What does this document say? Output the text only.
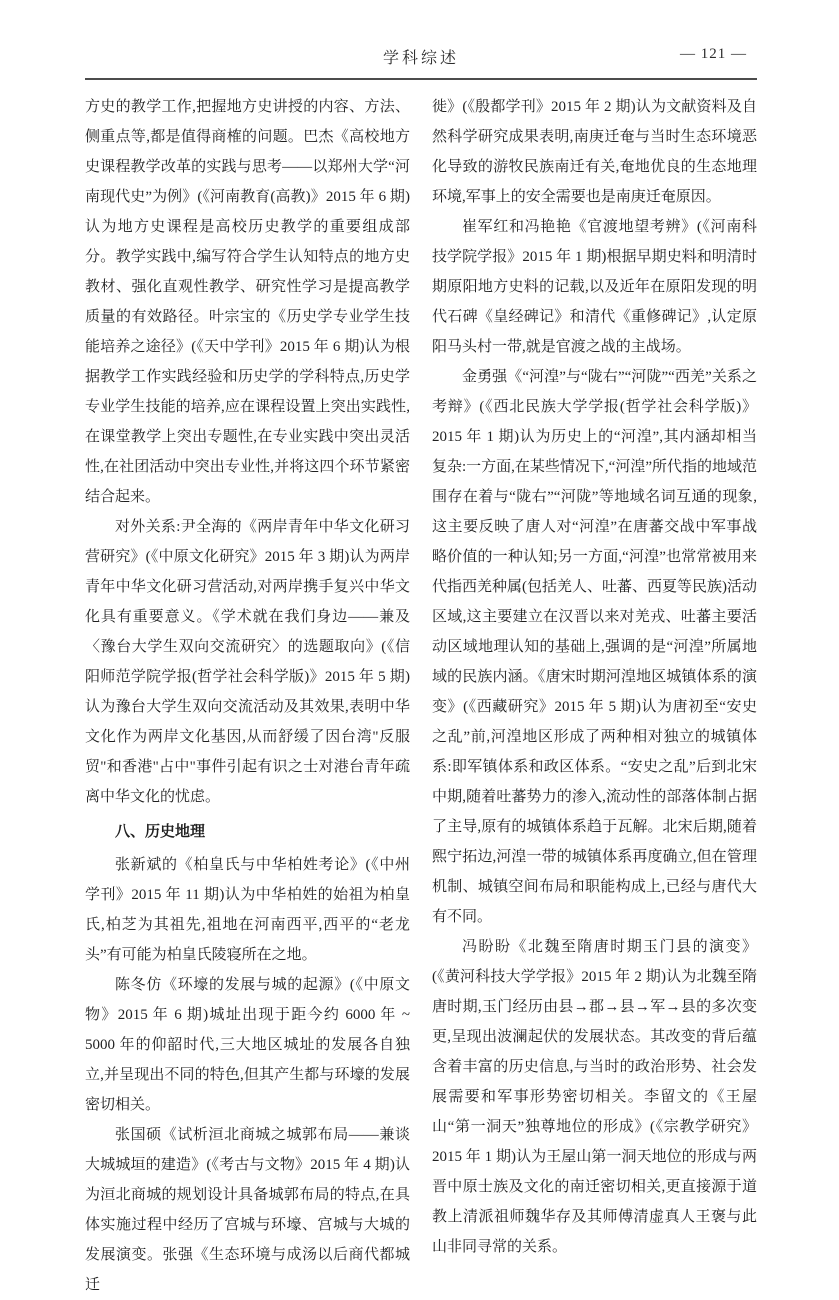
学科综述	— 121 —

方史的教学工作,把握地方史讲授的内容、方法、侧重点等,都是值得商榷的问题。巴杰《高校地方史课程教学改革的实践与思考——以郑州大学“河南现代史”为例》(《河南教育(高教)》2015 年 6 期)认为地方史课程是高校历史教学的重要组成部分。教学实践中,编写符合学生认知特点的地方史教材、强化直观性教学、研究性学习是提高教学质量的有效路径。叶宗宝的《历史学专业学生技能培养之途径》(《天中学刊》2015 年 6 期)认为根据教学工作实践经验和历史学的学科特点,历史学专业学生技能的培养,应在课程设置上突出实践性,在课堂教学上突出专题性,在专业实践中突出灵活性,在社团活动中突出专业性,并将这四个环节紧密结合起来。

对外关系:尹全海的《两岸青年中华文化研习营研究》(《中原文化研究》2015 年 3 期)认为两岸青年中华文化研习营活动,对两岸携手复兴中华文化具有重要意义。《学术就在我们身边——兼及〈豫台大学生双向交流研究〉的选题取向》(《信阳师范学院学报(哲学社会科学版)》2015 年 5 期)认为豫台大学生双向交流活动及其效果,表明中华文化作为两岸文化基因,从而舒缓了因台湾"反服贸"和香港"占中"事件引起有识之士对港台青年疏离中华文化的忧虑。

八、历史地理

张新斌的《柏皇氏与中华柏姓考论》(《中州学刊》2015 年 11 期)认为中华柏姓的始祖为柏皇氏,柏芝为其祖先,祖地在河南西平,西平的“老龙头”有可能为柏皇氏陵寝所在之地。

陈冬仿《环壕的发展与城的起源》(《中原文物》2015 年 6 期)城址出现于距今约 6000 年 ~ 5000 年的仰韶时代,三大地区城址的发展各自独立,并呈现出不同的特色,但其产生都与环壕的发展密切相关。

张国硕《试析洹北商城之城郭布局——兼谈大城城垣的建造》(《考古与文物》2015 年 4 期)认为洹北商城的规划设计具备城郭布局的特点,在具体实施过程中经历了宫城与环壕、宫城与大城的发展演变。张强《生态环境与成汤以后商代都城迁

徙》(《殷都学刊》2015 年 2 期)认为文献资料及自然科学研究成果表明,南庚迁奄与当时生态环境恶化导致的游牧民族南迁有关,奄地优良的生态地理环境,军事上的安全需要也是南庚迁奄原因。

崔军红和冯艳艳《官渡地望考辨》(《河南科技学院学报》2015 年 1 期)根据早期史料和明清时期原阳地方史料的记载,以及近年在原阳发现的明代石碑《皇经碑记》和清代《重修碑记》,认定原阳马头村一带,就是官渡之战的主战场。

金勇强《“河湟”与“陇右”“河陇”“西羌”关系之考辩》(《西北民族大学学报(哲学社会科学版)》2015 年 1 期)认为历史上的“河湟”,其内涵却相当复杂:一方面,在某些情况下,“河湟”所代指的地域范围存在着与“陇右”“河陇”等地域名词互通的现象,这主要反映了唐人对“河湟”在唐蕃交战中军事战略价值的一种认知;另一方面,“河湟”也常常被用来代指西羌种属(包括羌人、吐蕃、西夏等民族)活动区域,这主要建立在汉晋以来对羌戎、吐蕃主要活动区域地理认知的基础上,强调的是“河湟”所属地域的民族内涵。《唐宋时期河湟地区城镇体系的演变》(《西藏研究》2015 年 5 期)认为唐初至“安史之乱”前,河湟地区形成了两种相对独立的城镇体系:即军镇体系和政区体系。“安史之乱”后到北宋中期,随着吐蕃势力的渗入,流动性的部落体制占据了主导,原有的城镇体系趋于瓦解。北宋后期,随着熙宁拓边,河湟一带的城镇体系再度确立,但在管理机制、城镇空间布局和职能构成上,已经与唐代大有不同。

冯盼盼《北魏至隋唐时期玉门县的演变》(《黄河科技大学学报》2015 年 2 期)认为北魏至隋唐时期,玉门经历由县→郡→县→军→县的多次变更,呈现出波澜起伏的发展状态。其改变的背后蕴含着丰富的历史信息,与当时的政治形势、社会发展需要和军事形势密切相关。李留文的《王屋山“第一洞天”独尊地位的形成》(《宗教学研究》2015 年 1 期)认为王屋山第一洞天地位的形成与两晋中原士族及文化的南迁密切相关,更直接源于道教上清派祖师魏华存及其师傅清虚真人王褒与此山非同寻常的关系。
